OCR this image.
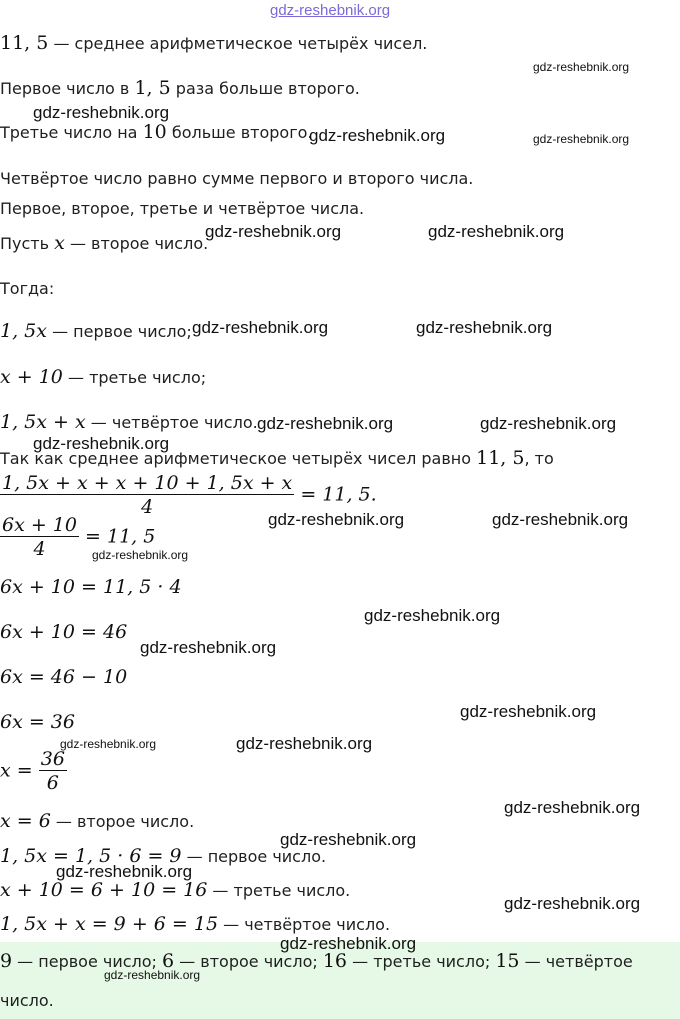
gdz-reshebnik.org
11, 5 — среднее арифметическое четырёх чисел.
gdz-reshebnik.org
Первое число в 1, 5 раза больше второго.
gdz-reshebnik.org
Третье число на 10 больше второго.
gdz-reshebnik.org	gdz-reshebnik.org
Четвёртое число равно сумме первого и второго числа.
Первое, второе, третье и четвёртое числа.
Пусть x — второе число.
gdz-reshebnik.org	gdz-reshebnik.org
Тогда:
1, 5x — первое число; gdz-reshebnik.org	gdz-reshebnik.org
x + 10 — третье число;
1, 5x + x — четвёртое число. gdz-reshebnik.org	gdz-reshebnik.org
gdz-reshebnik.org
Так как среднее арифметическое четырёх чисел равно 11, 5, то
$\frac{1, 5x + x + x + 10 + 1, 5x + x}{4} = 11$, 5.
gdz-reshebnik.org	gdz-reshebnik.org
$\frac{6x + 10}{4} = 11$, 5
gdz-reshebnik.org
6x + 10 = 11, 5 · 4
gdz-reshebnik.org
6x + 10 = 46
gdz-reshebnik.org
6x = 46 − 10
6x = 36	gdz-reshebnik.org
gdz-reshebnik.org	gdz-reshebnik.org
$x = \frac{36}{6}$
gdz-reshebnik.org
x = 6 — второе число.
gdz-reshebnik.org
1, 5x = 1, 5 · 6 = 9 — первое число.
gdz-reshebnik.org
x + 10 = 6 + 10 = 16 — третье число.
gdz-reshebnik.org
1, 5x + x = 9 + 6 = 15 — четвёртое число.
gdz-reshebnik.org
9 — первое число; 6 — второе число; 16 — третье число; 15 — четвёртое
gdz-reshebnik.org
число.
